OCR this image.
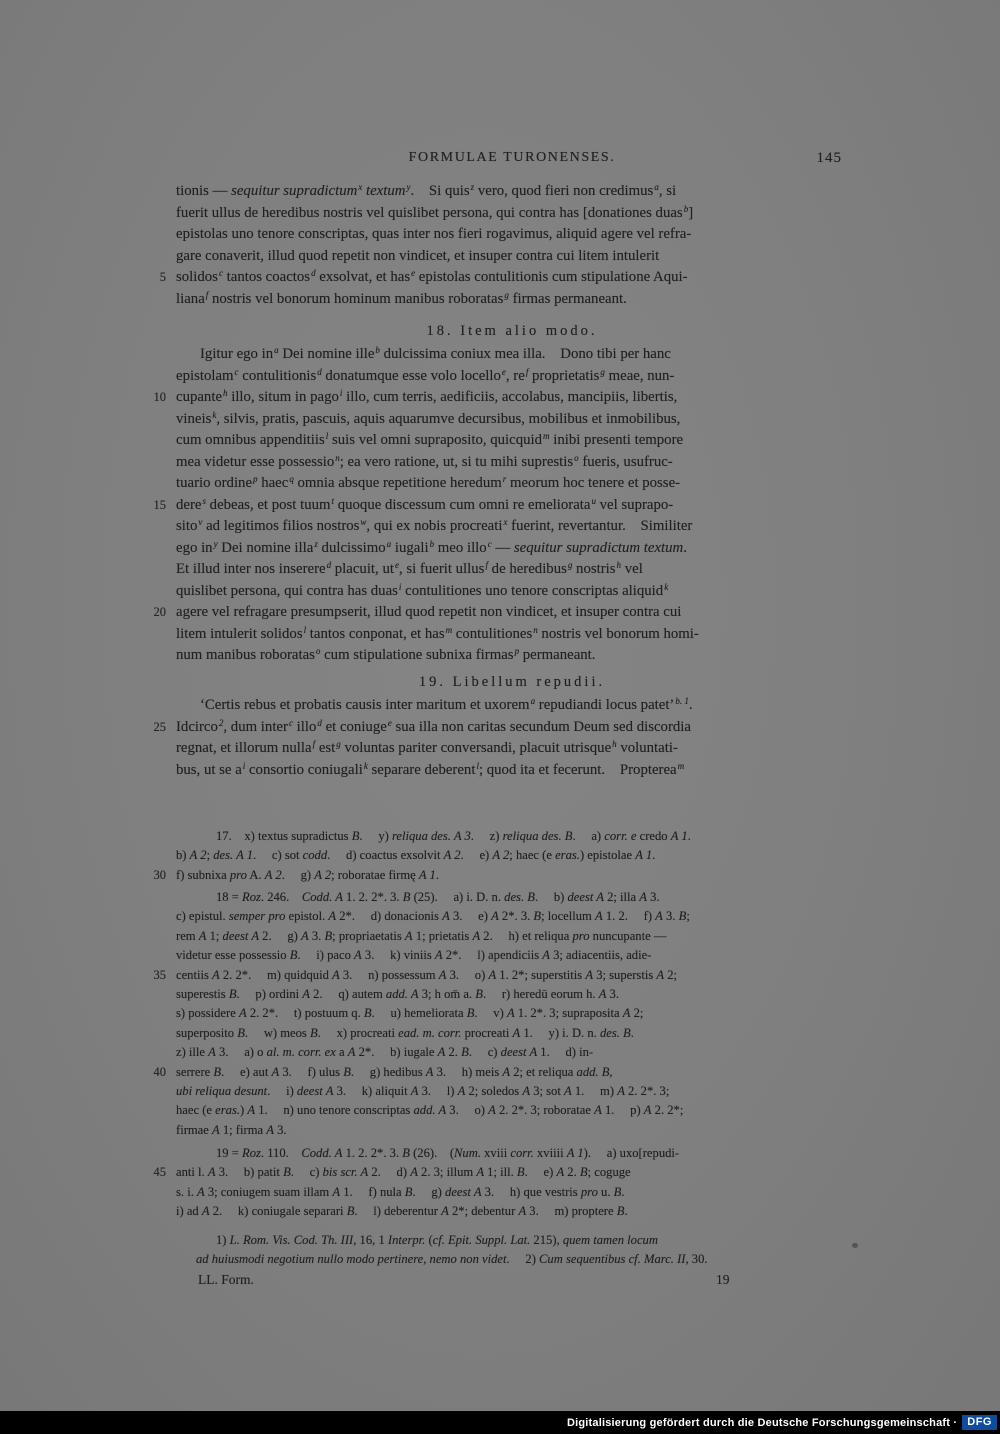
FORMULAE TURONENSES.	145
tionis — sequitur supradictum$^x$ textum$^y$.  Si quis$^z$ vero, quod fieri non credimus$^a$, si
fuerit ullus de heredibus nostris vel quislibet persona, qui contra has [donationes duas$^b$]
epistolas uno tenore conscriptas, quas inter nos fieri rogavimus, aliquid agere vel refra-
gare conaverit, illud quod repetit non vindicet, et insuper contra cui litem intulerit
5 solidos$^c$ tantos coactos$^d$ exsolvat, et has$^e$ epistolas contulitionis cum stipulatione Aqui-
liana$^f$ nostris vel bonorum hominum manibus roboratas$^g$ firmas permaneant.
18. Item alio modo.
Igitur ego $in^a$ Dei nomine ille$^b$ dulcissima coniux mea illa.  Dono tibi per hanc
epistolam$^c$ contulitionis$^d$ donatumque esse volo locello$^e$, $re^f$ proprietatis$^g$ meae, nun-
10 cupante$^h$ illo, situm in pago$^i$ illo, cum terris, aedificiis, accolabus, mancipiis, libertis,
vineis$^k$, silvis, pratis, pascuis, aquis aquarumve decursibus, mobilibus et inmobilibus,
cum omnibus appenditiis$^l$ suis vel omni supraposito, quicquid$^m$ inibi presenti tempore
mea videtur esse possessio$^n$; ea vero ratione, ut, si tu mihi suprestis$^o$ fueris, usufruc-
tuario ordine$^p$ haec$^q$ omnia absque repetitione heredum$^r$ meorum hoc tenere et posse-
15 dere$^s$ debeas, et post tuum$^t$ quoque discessum cum omni re emeliorata$^u$ vel suprapo-
sito$^v$ ad legitimos filios nostros$^w$, qui ex nobis procreati$^x$ fuerint, revertantur.  Similiter
ego $in^y$ Dei nomine illa$^z$ dulcissimo$^a$ iugali$^b$ meo illo$^c$ — sequitur supradictum textum.
Et illud inter nos inserere$^d$ placuit, $ut^e$, si fuerit ullus$^f$ de heredibus$^g$ nostris$^h$ vel
quislibet persona, qui contra has duas$^i$ contulitiones uno tenore conscriptas aliquid$^k$
20 agere vel refragare presumpserit, illud quod repetit non vindicet, et insuper contra cui
litem intulerit solidos$^l$ tantos conponat, et has$^m$ contulitiones$^n$ nostris vel bonorum homi-
num manibus roboratas$^o$ cum stipulatione subnixa firmas$^p$ permaneant.
19. Libellum repudii.
‘Certis rebus et probatis causis inter maritum et uxorem$^a$ repudiandi locus patet’$^{b. 1}$.
25 Idcirco$^2$, dum inter$^c$ illo$^d$ et coniuge$^e$ sua illa non caritas secundum Deum sed discordia
regnat, et illorum nulla$^f$ est$^g$ voluntas pariter conversandi, placuit utrisque$^h$ voluntati-
bus, ut se $a^i$ consortio coniugali$^k$ separare deberent$^l$; quod ita et fecerunt.  Propterea$^m$
17.  x) textus supradictus B.   y) reliqua des. A 3.   z) reliqua des. B.   a) corr. e credo A 1.
b) A 2; des. A 1.   c) sot codd.   d) coactus exsolvit A 2.   e) A 2; haec (e eras.) epistolae A 1.
30 f) subnixa pro A. A 2.   g) A 2; roboratae firmę A 1.
18 = Roz. 246.  Codd. A 1. 2. 2*. 3. B (25).   a) i. D. n. des. B.   b) deest A 2; illa A 3.
c) epistul. semper pro epistol. A 2*.   d) donacionis A 3.   e) A 2*. 3. B; locellum A 1. 2.   f) A 3. B;
rem A 1; deest A 2.   g) A 3. B; propriaetatis A 1; prietatis A 2.   h) et reliqua pro nuncupante —
videtur esse possessio B.   i) paco A 3.   k) viniis A 2*.   l) apendiciis A 3; adiacentiis, adie-
35 centiis A 2. 2*.   m) quidquid A 3.   n) possessum A 3.   o) A 1. 2*; superstitis A 3; superstis A 2;
superestis B.   p) ordini A 2.   q) autem add. A 3; h om̄ a. B.   r) heredū eorum h. A 3.
s) possidere A 2. 2*.   t) postuum q. B.   u) hemeliorata B.   v) A 1. 2*. 3; supraposita A 2;
superposito B.   w) meos B.   x) procreati ead. m. corr. procreati A 1.   y) i. D. n. des. B.
z) ille A 3.   a) o al. m. corr. ex a A 2*.   b) iugale A 2. B.   c) deest A 1.   d) in-
40 serrere B.   e) aut A 3.   f) ulus B.   g) hedibus A 3.   h) meis A 2; et reliqua add. B,
ubi reliqua desunt.   i) deest A 3.   k) aliquit A 3.   l) A 2; soledos A 3; sot A 1.   m) A 2. 2*. 3;
haec (e eras.) A 1.   n) uno tenore conscriptas add. A 3.   o) A 2. 2*. 3; roboratae A 1.   p) A 2. 2*;
firmae A 1; firma A 3.
19 = Roz. 110.  Codd. A 1. 2. 2*. 3. B (26).  (Num. xviii corr. xviiii A 1).   a) uxo[repudi-
45 anti l. A 3.   b) patit B.   c) bis scr. A 2.   d) A 2. 3; illum A 1; ill. B.   e) A 2. B; coguge
s. i. A 3; coniugem suam illam A 1.   f) nula B.   g) deest A 3.   h) que vestris pro u. B.
i) ad A 2.   k) coniugale separari B.   l) deberentur A 2*; debentur A 3.   m) proptere B.
1) L. Rom. Vis. Cod. Th. III, 16, 1 Interpr. (cf. Epit. Suppl. Lat. 215), quem tamen locum
ad huiusmodi negotium nullo modo pertinere, nemo non videt.   2) Cum sequentibus cf. Marc. II, 30.
LL. Form.	19
Digitalisierung gefördert durch die Deutsche Forschungsgemeinschaft · DFG
